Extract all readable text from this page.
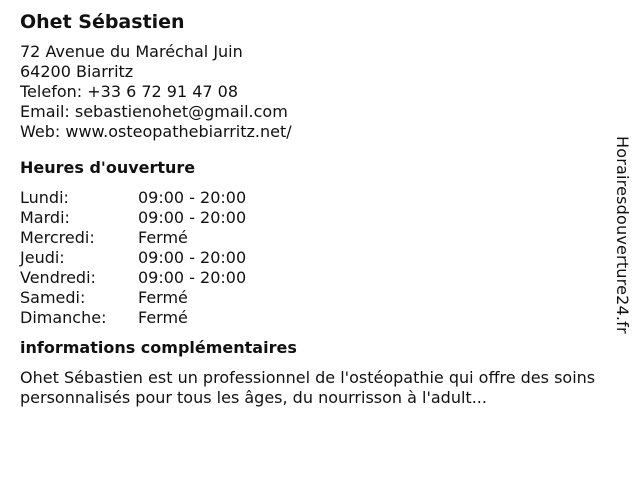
Ohet Sébastien
72 Avenue du Maréchal Juin
64200 Biarritz
Telefon: +33 6 72 91 47 08
Email: sebastienohet@gmail.com
Web: www.osteopathebiarritz.net/
Heures d'ouverture
Lundi:	09:00 - 20:00
Mardi:	09:00 - 20:00
Mercredi:	Fermé
Jeudi:	09:00 - 20:00
Vendredi:	09:00 - 20:00
Samedi:	Fermé
Dimanche:	Fermé
informations complémentaires

Ohet Sébastien est un professionnel de l'ostéopathie qui offre des soins personnalisés pour tous les âges, du nourrisson à l'adult...

Horairesdouverture24.fr
